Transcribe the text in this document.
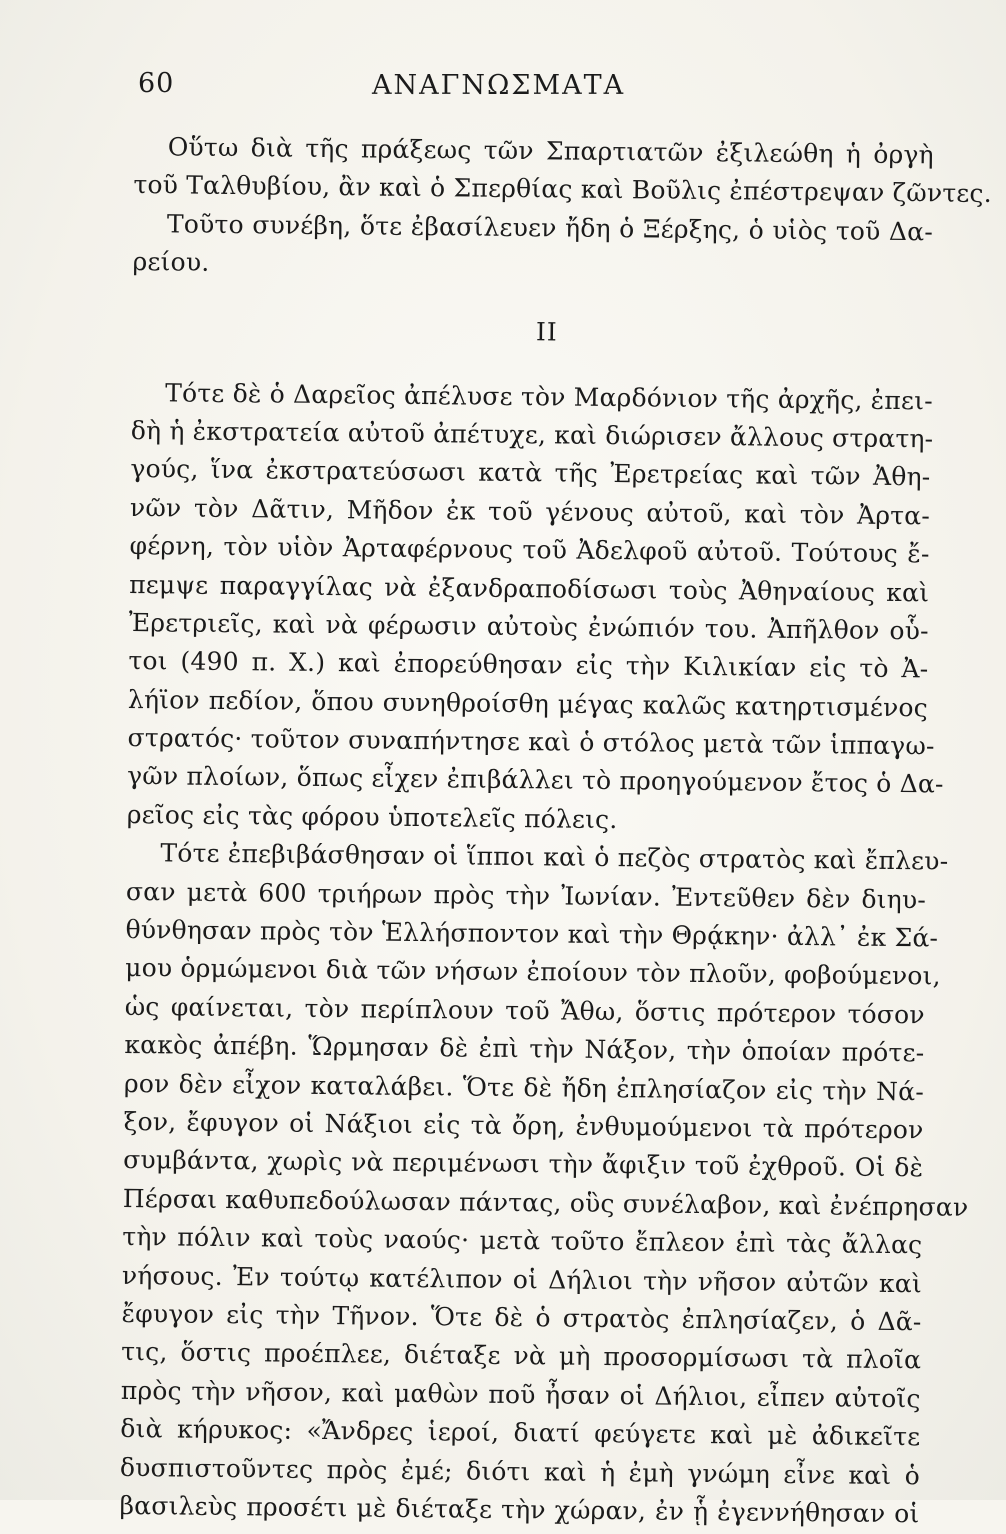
60	ΑΝΑΓΝΩΣΜΑΤΑ
Οὕτω διὰ τῆς πράξεως τῶν Σπαρτιατῶν ἐξιλεώθη ἡ ὀργὴ
τοῦ Ταλθυβίου, ἂν καὶ ὁ Σπερθίας καὶ Βοῦλις ἐπέστρεψαν ζῶντες.
Τοῦτο συνέβη, ὅτε ἐβασίλευεν ἤδη ὁ Ξέρξης, ὁ υἱὸς τοῦ Δα-
ρείου.
II
Τότε δὲ ὁ Δαρεῖος ἀπέλυσε τὸν Μαρδόνιον τῆς ἀρχῆς, ἐπει-
δὴ ἡ ἐκστρατεία αὐτοῦ ἀπέτυχε, καὶ διώρισεν ἄλλους στρατη-
γούς, ἵνα ἐκστρατεύσωσι κατὰ τῆς Ἐρετρείας καὶ τῶν Ἀθη-
νῶν τὸν Δᾶτιν, Μῆδον ἐκ τοῦ γένους αὐτοῦ, καὶ τὸν Ἀρτα-
φέρνη, τὸν υἱὸν Ἀρταφέρνους τοῦ Ἀδελφοῦ αὐτοῦ. Τούτους ἔ-
πεμψε παραγγίλας νὰ ἐξανδραποδίσωσι τοὺς Ἀθηναίους καὶ
Ἐρετριεῖς, καὶ νὰ φέρωσιν αὐτοὺς ἐνώπιόν του. Ἀπῆλθον οὗ-
τοι (490 π. Χ.) καὶ ἐπορεύθησαν εἰς τὴν Κιλικίαν εἰς τὸ Ἀ-
λήϊον πεδίον, ὅπου συνηθροίσθη μέγας καλῶς κατηρτισμένος
στρατός· τοῦτον συναπήντησε καὶ ὁ στόλος μετὰ τῶν ἱππαγω-
γῶν πλοίων, ὅπως εἶχεν ἐπιβάλλει τὸ προηγούμενον ἔτος ὁ Δα-
ρεῖος εἰς τὰς φόρου ὑποτελεῖς πόλεις.
Τότε ἐπεβιβάσθησαν οἱ ἵπποι καὶ ὁ πεζὸς στρατὸς καὶ ἔπλευ-
σαν μετὰ 600 τριήρων πρὸς τὴν Ἰωνίαν. Ἐντεῦθεν δὲν διηυ-
θύνθησαν πρὸς τὸν Ἑλλήσποντον καὶ τὴν Θρᾴκην· ἀλλ᾽ ἐκ Σά-
μου ὁρμώμενοι διὰ τῶν νήσων ἐποίουν τὸν πλοῦν, φοβούμενοι,
ὡς φαίνεται, τὸν περίπλουν τοῦ Ἄθω, ὅστις πρότερον τόσον
κακὸς ἀπέβη. Ὥρμησαν δὲ ἐπὶ τὴν Νάξον, τὴν ὁποίαν πρότε-
ρον δὲν εἶχον καταλάβει. Ὅτε δὲ ἤδη ἐπλησίαζον εἰς τὴν Νά-
ξον, ἔφυγον οἱ Νάξιοι εἰς τὰ ὄρη, ἐνθυμούμενοι τὰ πρότερον
συμβάντα, χωρὶς νὰ περιμένωσι τὴν ἄφιξιν τοῦ ἐχθροῦ. Οἱ δὲ
Πέρσαι καθυπεδούλωσαν πάντας, οὓς συνέλαβον, καὶ ἐνέπρησαν
τὴν πόλιν καὶ τοὺς ναούς· μετὰ τοῦτο ἔπλεον ἐπὶ τὰς ἄλλας
νήσους. Ἐν τούτῳ κατέλιπον οἱ Δήλιοι τὴν νῆσον αὐτῶν καὶ
ἔφυγον εἰς τὴν Τῆνον. Ὅτε δὲ ὁ στρατὸς ἐπλησίαζεν, ὁ Δᾶ-
τις, ὅστις προέπλεε, διέταξε νὰ μὴ προσορμίσωσι τὰ πλοῖα
πρὸς τὴν νῆσον, καὶ μαθὼν ποῦ ἦσαν οἱ Δήλιοι, εἶπεν αὐτοῖς
διὰ κήρυκος: «Ἄνδρες ἱεροί, διατί φεύγετε καὶ μὲ ἀδικεῖτε
δυσπιστοῦντες πρὸς ἐμέ; διότι καὶ ἡ ἐμὴ γνώμη εἶνε καὶ ὁ
βασιλεὺς προσέτι μὲ διέταξε τὴν χώραν, ἐν ᾗ ἐγεννήθησαν οἱ
